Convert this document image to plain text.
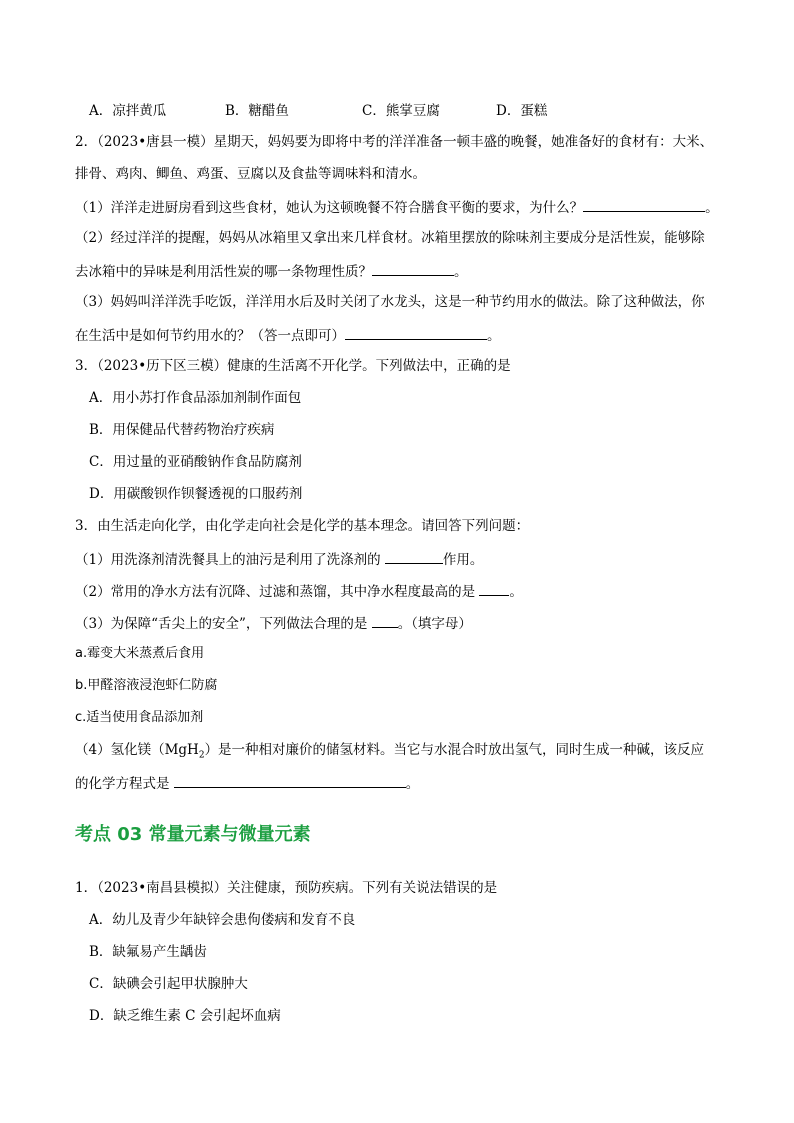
A．凉拌黄瓜	B．糖醋鱼	C．熊掌豆腐	D．蛋糕
2．（2023•唐县一模）星期天，妈妈要为即将中考的洋洋准备一顿丰盛的晚餐，她准备好的食材有：大米、
排骨、鸡肉、鲫鱼、鸡蛋、豆腐以及食盐等调味料和清水。
（1）洋洋走进厨房看到这些食材，她认为这顿晚餐不符合膳食平衡的要求，为什么？	。
（2）经过洋洋的提醒，妈妈从冰箱里又拿出来几样食材。冰箱里摆放的除味剂主要成分是活性炭，能够除
去冰箱中的异味是利用活性炭的哪一条物理性质？	。
（3）妈妈叫洋洋洗手吃饭，洋洋用水后及时关闭了水龙头，这是一种节约用水的做法。除了这种做法，你
在生活中是如何节约用水的？（答一点即可）	。
3．（2023•历下区三模）健康的生活离不开化学。下列做法中，正确的是
A．用小苏打作食品添加剂制作面包
B．用保健品代替药物治疗疾病
C．用过量的亚硝酸钠作食品防腐剂
D．用碳酸钡作钡餐透视的口服药剂
3．由生活走向化学，由化学走向社会是化学的基本理念。请回答下列问题：
（1）用洗涤剂清洗餐具上的油污是利用了洗涤剂的	作用。
（2）常用的净水方法有沉降、过滤和蒸馏，其中净水程度最高的是 。
（3）为保障“舌尖上的安全”，下列做法合理的是 。（填字母）
a.霉变大米蒸煮后食用
b.甲醛溶液浸泡虾仁防腐
c.适当使用食品添加剂
（4）氢化镁（MgH$_2$）是一种相对廉价的储氢材料。当它与水混合时放出氢气，同时生成一种碱，该反应
的化学方程式是	。
考点 03 常量元素与微量元素
1．（2023•南昌县模拟）关注健康，预防疾病。下列有关说法错误的是
A．幼儿及青少年缺锌会患佝偻病和发育不良
B．缺氟易产生龋齿
C．缺碘会引起甲状腺肿大
D．缺乏维生素 C 会引起坏血病
